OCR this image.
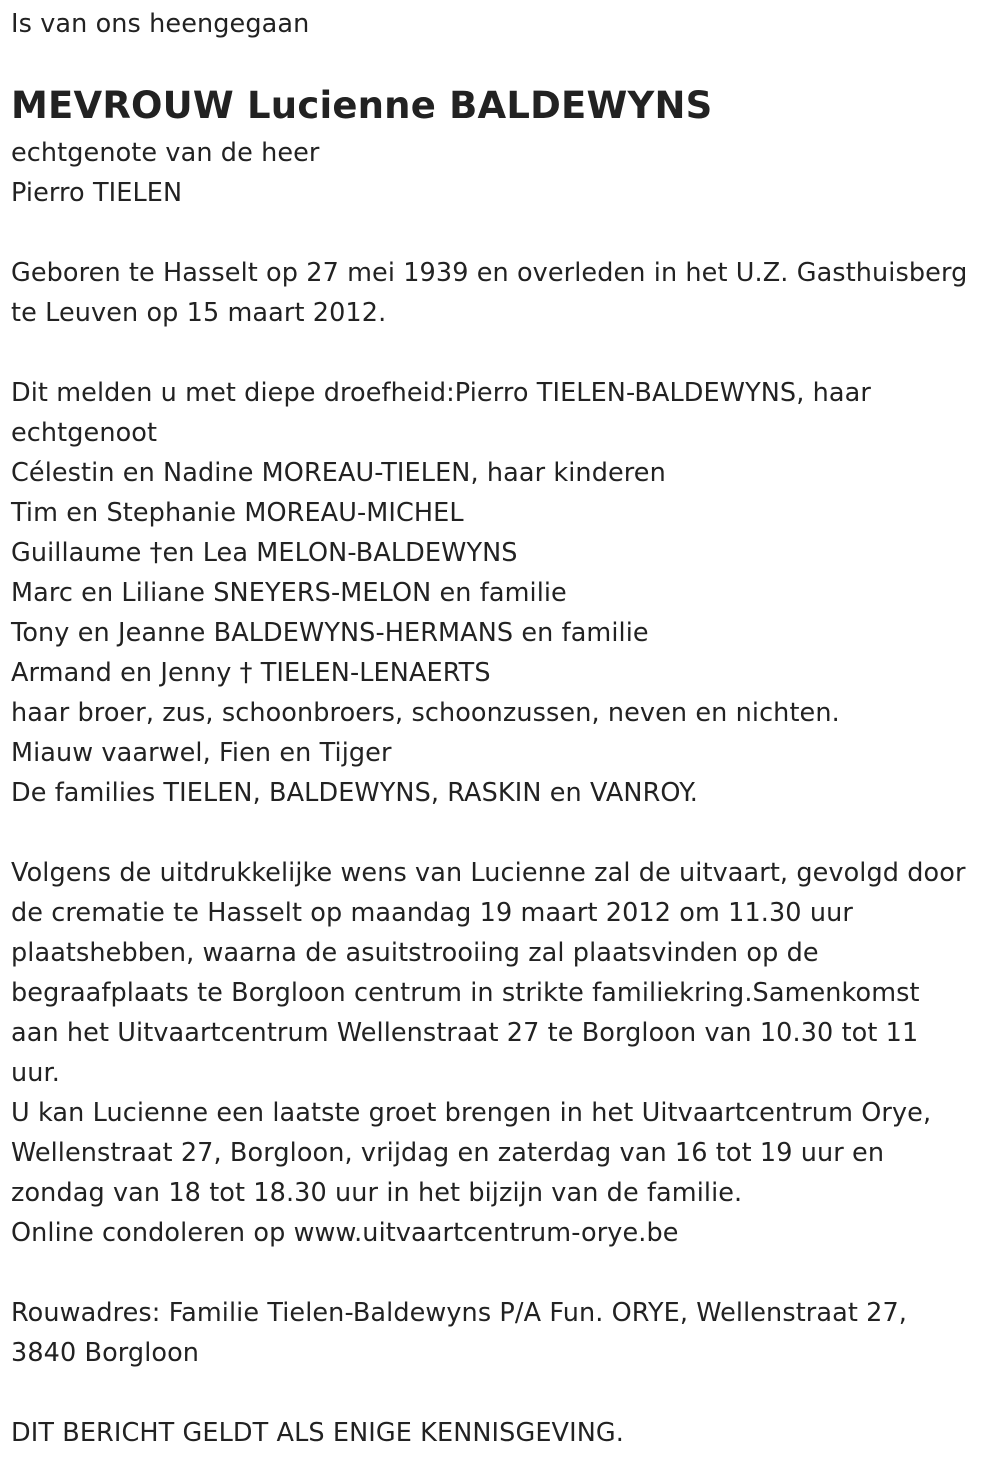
Is van ons heengegaan
MEVROUW Lucienne BALDEWYNS
echtgenote van de heer
Pierro TIELEN
Geboren te Hasselt op 27 mei 1939 en overleden in het U.Z. Gasthuisberg
te Leuven op 15 maart 2012.
Dit melden u met diepe droefheid:Pierro TIELEN-BALDEWYNS, haar
echtgenoot
Célestin en Nadine MOREAU-TIELEN, haar kinderen
Tim en Stephanie MOREAU-MICHEL
Guillaume †en Lea MELON-BALDEWYNS
Marc en Liliane SNEYERS-MELON en familie
Tony en Jeanne BALDEWYNS-HERMANS en familie
Armand en Jenny † TIELEN-LENAERTS
haar broer, zus, schoonbroers, schoonzussen, neven en nichten.
Miauw vaarwel, Fien en Tijger
De families TIELEN, BALDEWYNS, RASKIN en VANROY.
Volgens de uitdrukkelijke wens van Lucienne zal de uitvaart, gevolgd door
de crematie te Hasselt op maandag 19 maart 2012 om 11.30 uur
plaatshebben, waarna de asuitstrooiing zal plaatsvinden op de
begraafplaats te Borgloon centrum in strikte familiekring.Samenkomst
aan het Uitvaartcentrum Wellenstraat 27 te Borgloon van 10.30 tot 11
uur.
U kan Lucienne een laatste groet brengen in het Uitvaartcentrum Orye,
Wellenstraat 27, Borgloon, vrijdag en zaterdag van 16 tot 19 uur en
zondag van 18 tot 18.30 uur in het bijzijn van de familie.
Online condoleren op www.uitvaartcentrum-orye.be
Rouwadres: Familie Tielen-Baldewyns P/A Fun. ORYE, Wellenstraat 27,
3840 Borgloon
DIT BERICHT GELDT ALS ENIGE KENNISGEVING.
